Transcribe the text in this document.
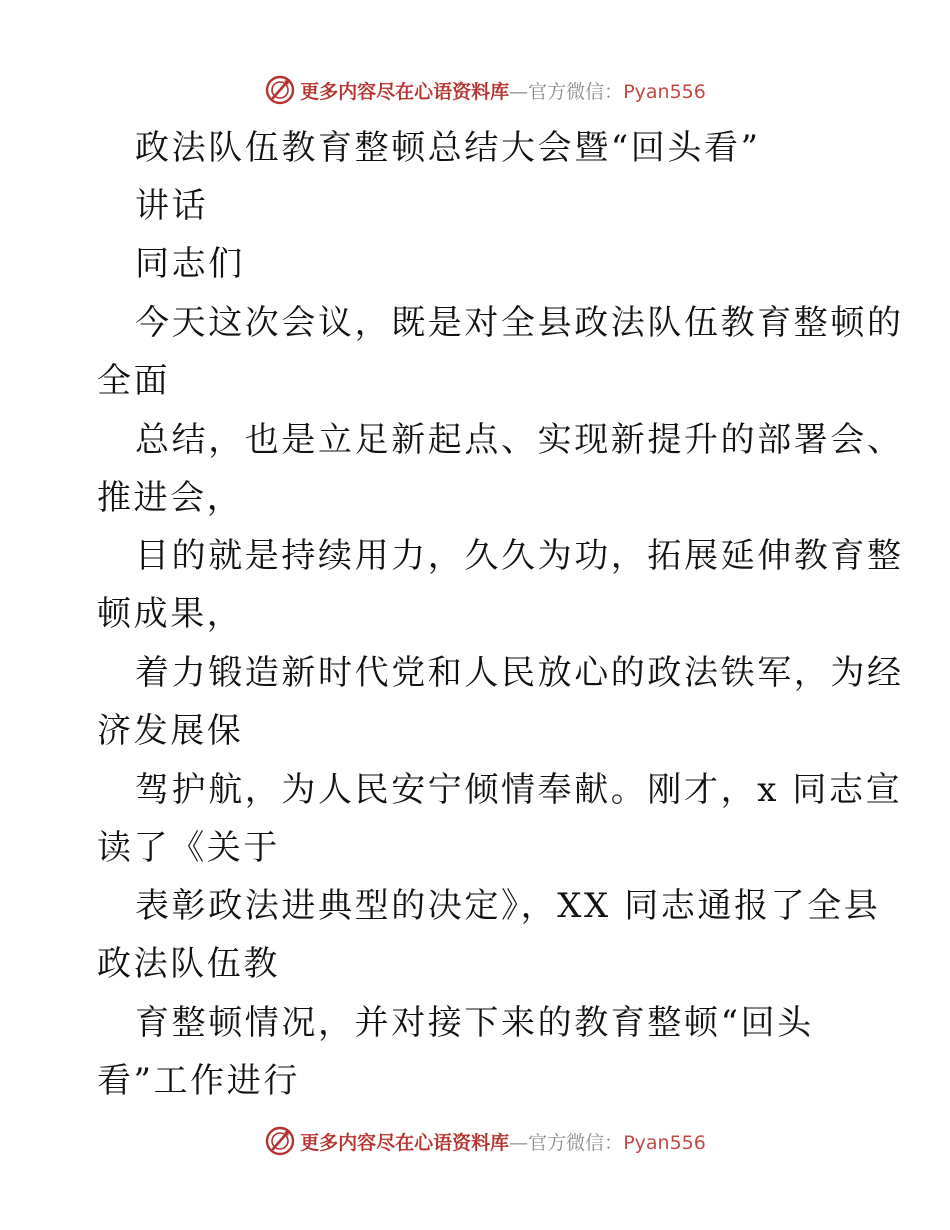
更多内容尽在心语资料库—官方微信：Pyan556
政法队伍教育整顿总结大会暨“回头看”
讲话
同志们
今天这次会议，既是对全县政法队伍教育整顿的
全面
总结，也是立足新起点、实现新提升的部署会、
推进会，
目的就是持续用力，久久为功，拓展延伸教育整
顿成果，
着力锻造新时代党和人民放心的政法铁军，为经
济发展保
驾护航，为人民安宁倾情奉献。刚才，x 同志宣
读了《关于
表彰政法进典型的决定》，XX 同志通报了全县
政法队伍教
育整顿情况，并对接下来的教育整顿“回头
看”工作进行
更多内容尽在心语资料库—官方微信：Pyan556
